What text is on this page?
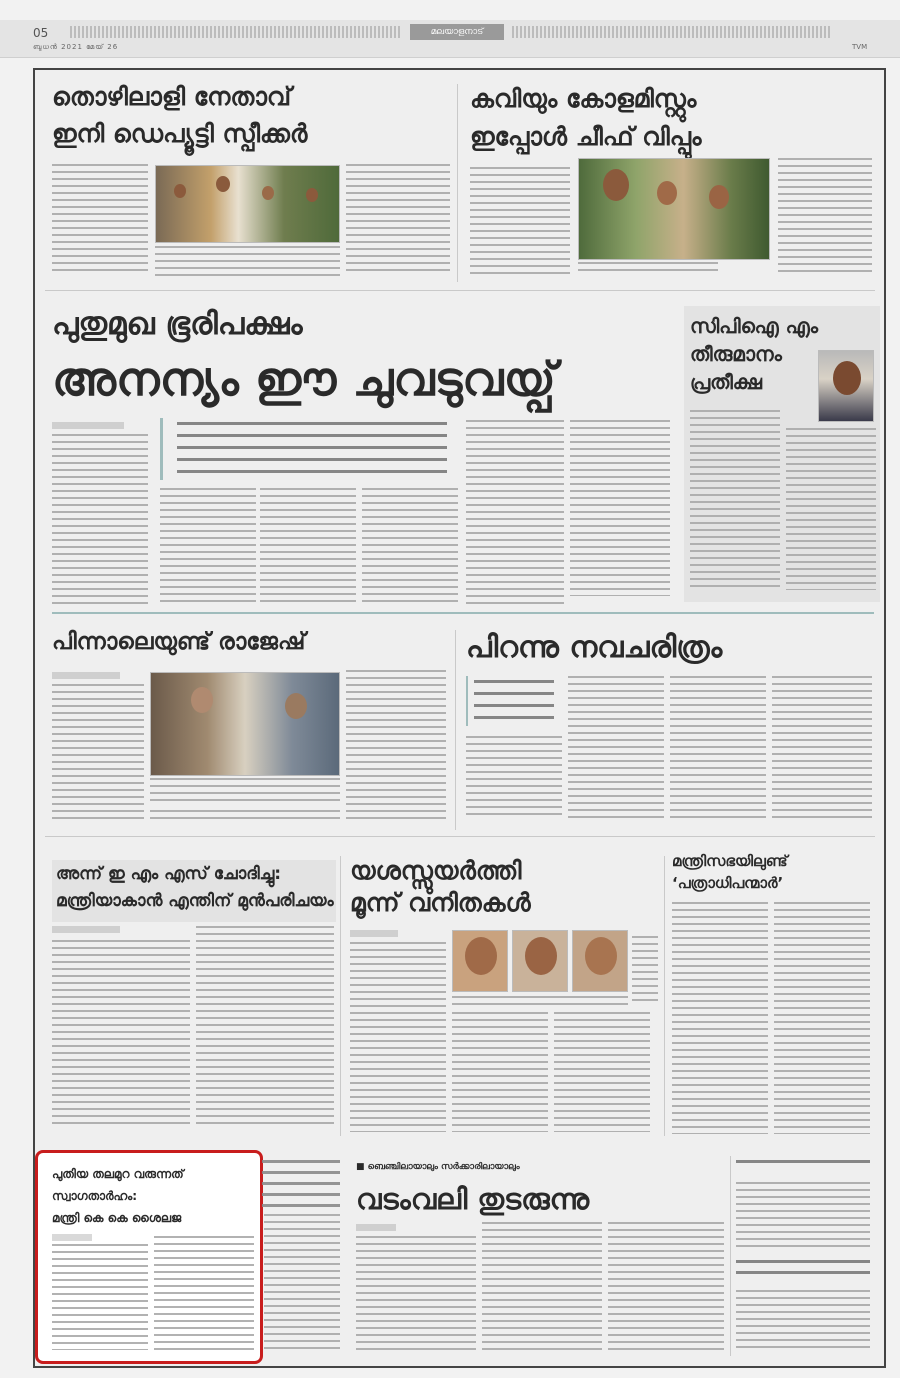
05	മലയാളനാട്
ബുധൻ 2021 മേയ് 26	TVM
തൊഴിലാളി നേതാവ്
ഇനി ഡെപ്യൂട്ടി സ്പീക്കർ
കവിയും കോളമിസ്റ്റും
ഇപ്പോൾ ചീഫ് വിപ്പും
പുതുമുഖ ഭൂരിപക്ഷം
അനന്യം ഈ ചുവടുവയ്പ്
സിപിഐ എം
തീരുമാനം
പ്രതീക്ഷ
പിന്നാലെയുണ്ട് രാജേഷ്	പിറന്നു നവചരിത്രം
അന്ന് ഇ എം എസ് ചോദിച്ചു:
മന്ത്രിയാകാൻ എന്തിന് മുൻപരിചയം
യശസ്സുയർത്തി
മൂന്ന് വനിതകൾ
മന്ത്രിസഭയിലുണ്ട്
‘പത്രാധിപന്മാർ’
പുതിയ തലമുറ വരുന്നത്
സ്വാഗതാർഹം:
മന്ത്രി കെ കെ ശൈലജ
■ ബെഞ്ചിലായാലും സർക്കാരിലായാലും
വടംവലി തുടരുന്നു
